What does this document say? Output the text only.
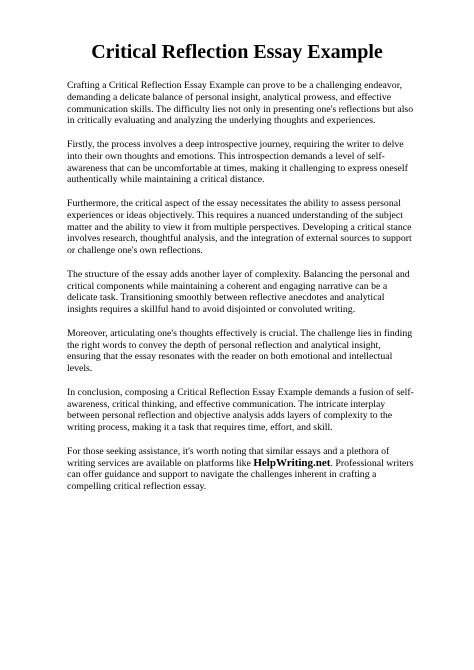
Critical Reflection Essay Example

Crafting a Critical Reflection Essay Example can prove to be a challenging endeavor, demanding a delicate balance of personal insight, analytical prowess, and effective communication skills. The difficulty lies not only in presenting one's reflections but also in critically evaluating and analyzing the underlying thoughts and experiences.

Firstly, the process involves a deep introspective journey, requiring the writer to delve into their own thoughts and emotions. This introspection demands a level of self-awareness that can be uncomfortable at times, making it challenging to express oneself authentically while maintaining a critical distance.

Furthermore, the critical aspect of the essay necessitates the ability to assess personal experiences or ideas objectively. This requires a nuanced understanding of the subject matter and the ability to view it from multiple perspectives. Developing a critical stance involves research, thoughtful analysis, and the integration of external sources to support or challenge one's own reflections.

The structure of the essay adds another layer of complexity. Balancing the personal and critical components while maintaining a coherent and engaging narrative can be a delicate task. Transitioning smoothly between reflective anecdotes and analytical insights requires a skillful hand to avoid disjointed or convoluted writing.

Moreover, articulating one's thoughts effectively is crucial. The challenge lies in finding the right words to convey the depth of personal reflection and analytical insight, ensuring that the essay resonates with the reader on both emotional and intellectual levels.

In conclusion, composing a Critical Reflection Essay Example demands a fusion of self-awareness, critical thinking, and effective communication. The intricate interplay between personal reflection and objective analysis adds layers of complexity to the writing process, making it a task that requires time, effort, and skill.

For those seeking assistance, it's worth noting that similar essays and a plethora of writing services are available on platforms like HelpWriting.net. Professional writers can offer guidance and support to navigate the challenges inherent in crafting a compelling critical reflection essay.
